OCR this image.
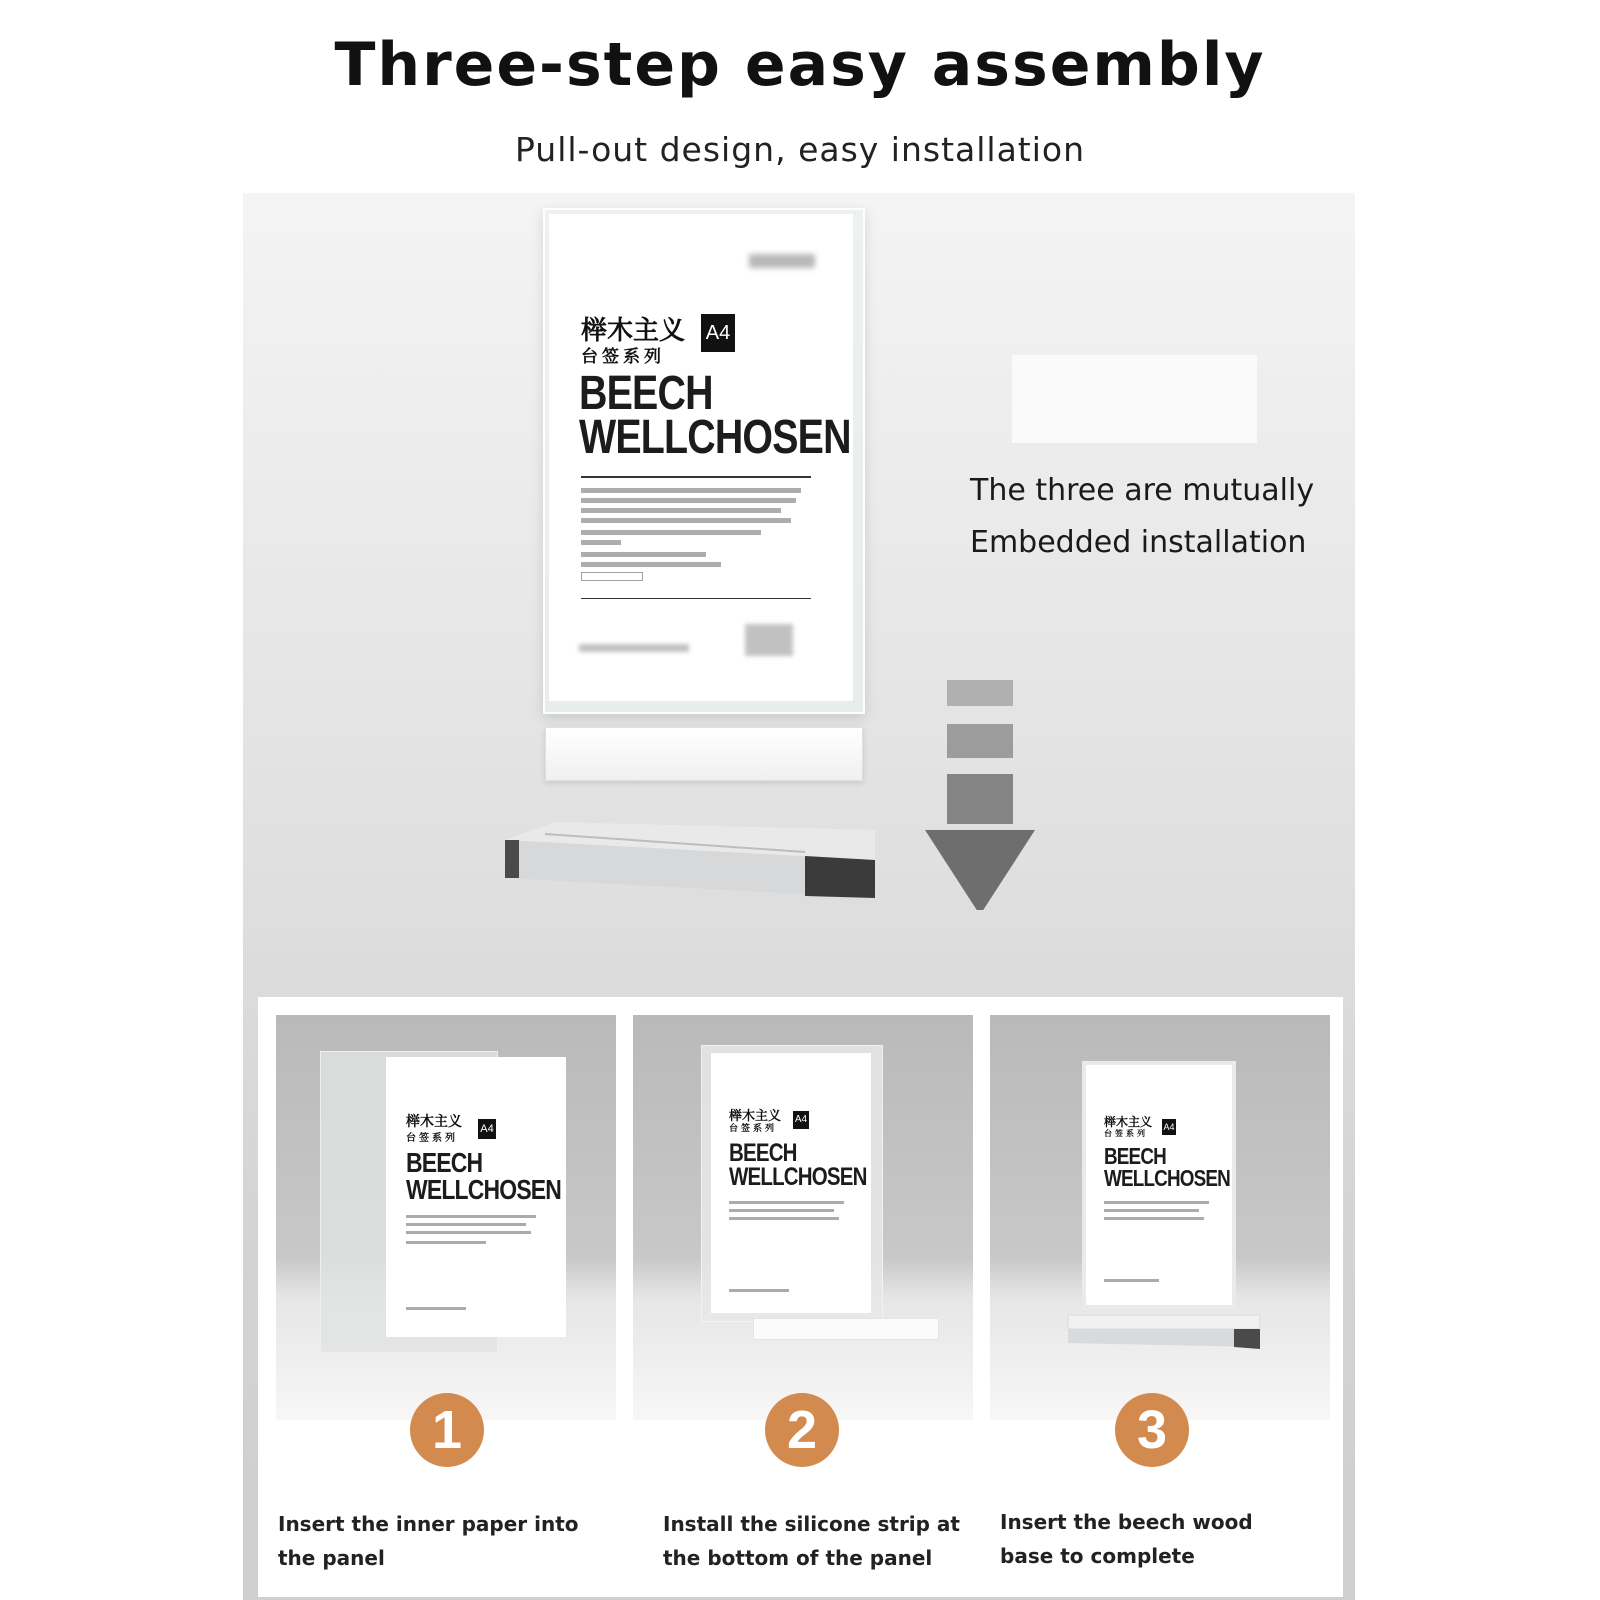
Three-step easy assembly
Pull-out design, easy installation
榉木主义
台签系列
A4
BEECH
WELLCHOSEN
The three are mutually
Embedded installation
榉木主义
台签系列
A4
BEECH
WELLCHOSEN
1
Insert the inner paper into the panel
榉木主义
台签系列
A4
BEECH
WELLCHOSEN
2
Install the silicone strip at the bottom of the panel
榉木主义
台签系列
A4
BEECH
WELLCHOSEN
3
Insert the beech wood base to complete
